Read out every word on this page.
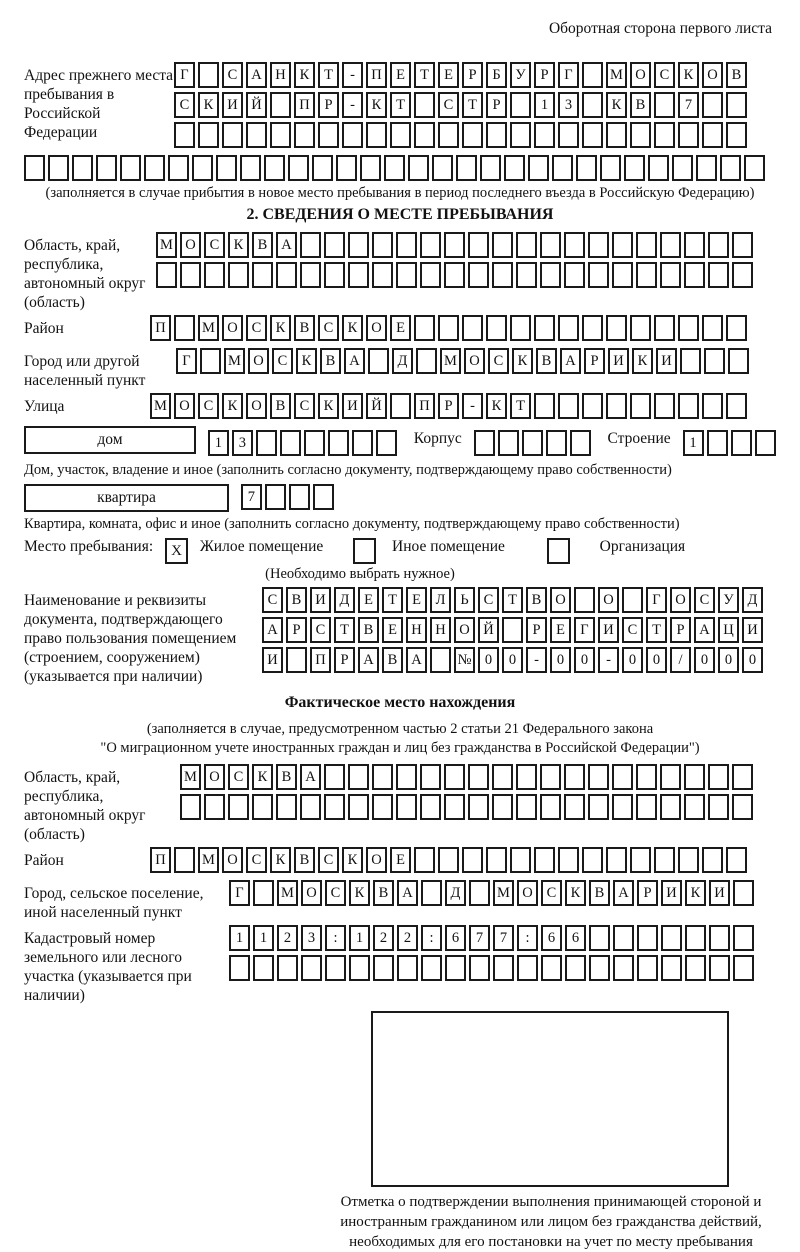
Оборотная сторона первого листа
Адрес прежнего места пребывания в Российской Федерации
Г	С А Н К Т - П Е Т Е Р Б У Р Г	М О С К О В
С К И Й	П Р - К Т	С Т Р	1 3	К В	7
(заполняется в случае прибытия в новое место пребывания в период последнего въезда в Российскую Федерацию)
2. СВЕДЕНИЯ О МЕСТЕ ПРЕБЫВАНИЯ
Область, край, республика, автономный округ (область)
М О С К В А
Район	П	М О С К В С К О Е
Город или другой населенный пункт
Г	М О С К В А	Д	М О С К В А Р И К И
Улица	М О С К О В С К И Й	П Р - К Т
дом	1 3	Корпус	Строение 1
Дом, участок, владение и иное (заполнить согласно документу, подтверждающему право собственности)
квартира	7
Квартира, комната, офис и иное (заполнить согласно документу, подтверждающему право собственности)
Место пребывания: X Жилое помещение	Иное помещение	Организация
(Необходимо выбрать нужное)
Наименование и реквизиты документа, подтверждающего право пользования помещением (строением, сооружением) (указывается при наличии)
С В И Д Е Т Е Л Ь С Т В О	О	Г О С У Д
А Р С Т В Е Н Н О Й	Р Е Г И С Т Р А Ц И
И	П Р А В А № 0 0 - 0 0 - 0 0 / 0 0 0
Фактическое место нахождения
(заполняется в случае, предусмотренном частью 2 статьи 21 Федерального закона
"О миграционном учете иностранных граждан и лиц без гражданства в Российской Федерации")
Область, край, республика, автономный округ (область)
М О С К В А
Район	П	М О С К В С К О Е
Город, сельское поселение, иной населенный пункт
Г	М О С К В А	Д	М О С К В А Р И К И
Кадастровый номер земельного или лесного участка (указывается при наличии)
1 1 2 3 : 1 2 2 : 6 7 7 : 6 6
Отметка о подтверждении выполнения принимающей стороной и иностранным гражданином или лицом без гражданства действий, необходимых для его постановки на учет по месту пребывания
